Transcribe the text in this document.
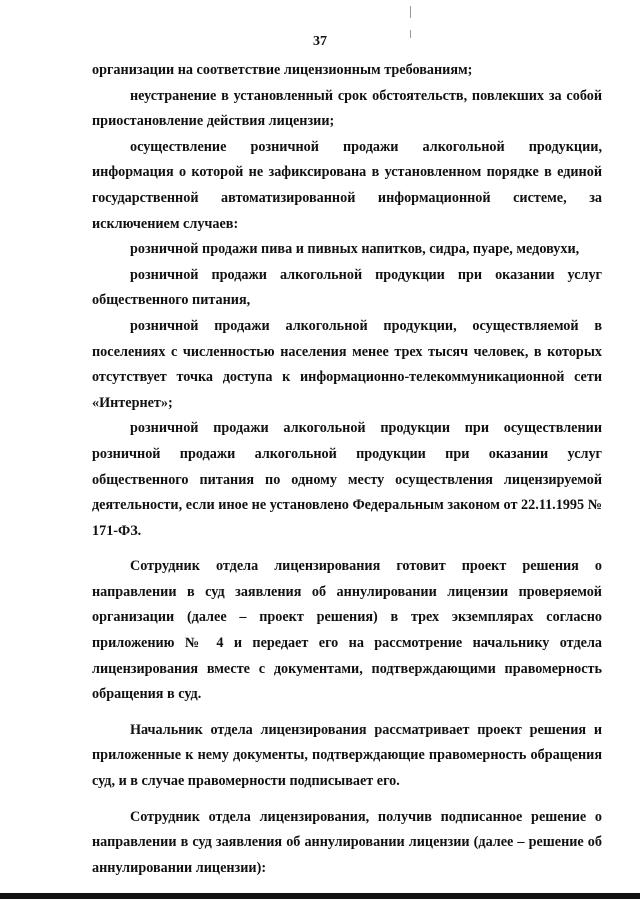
37

организации на соответствие лицензионным требованиям;

неустранение в установленный срок обстоятельств, повлекших за собой приостановление действия лицензии;

осуществление розничной продажи алкогольной продукции, информация о которой не зафиксирована в установленном порядке в единой государственной автоматизированной информационной системе, за исключением случаев:

розничной продажи пива и пивных напитков, сидра, пуаре, медовухи,

розничной продажи алкогольной продукции при оказании услуг общественного питания,

розничной продажи алкогольной продукции, осуществляемой в поселениях с численностью населения менее трех тысяч человек, в которых отсутствует точка доступа к информационно-телекоммуникационной сети «Интернет»;

розничной продажи алкогольной продукции при осуществлении розничной продажи алкогольной продукции при оказании услуг общественного питания по одному месту осуществления лицензируемой деятельности, если иное не установлено Федеральным законом от 22.11.1995 № 171-ФЗ.

Сотрудник отдела лицензирования готовит проект решения о направлении в суд заявления об аннулировании лицензии проверяемой организации (далее – проект решения) в трех экземплярах согласно приложению № 4 и передает его на рассмотрение начальнику отдела лицензирования вместе с документами, подтверждающими правомерность обращения в суд.

Начальник отдела лицензирования рассматривает проект решения и приложенные к нему документы, подтверждающие правомерность обращения суд, и в случае правомерности подписывает его.

Сотрудник отдела лицензирования, получив подписанное решение о направлении в суд заявления об аннулировании лицензии (далее – решение об аннулировании лицензии):
